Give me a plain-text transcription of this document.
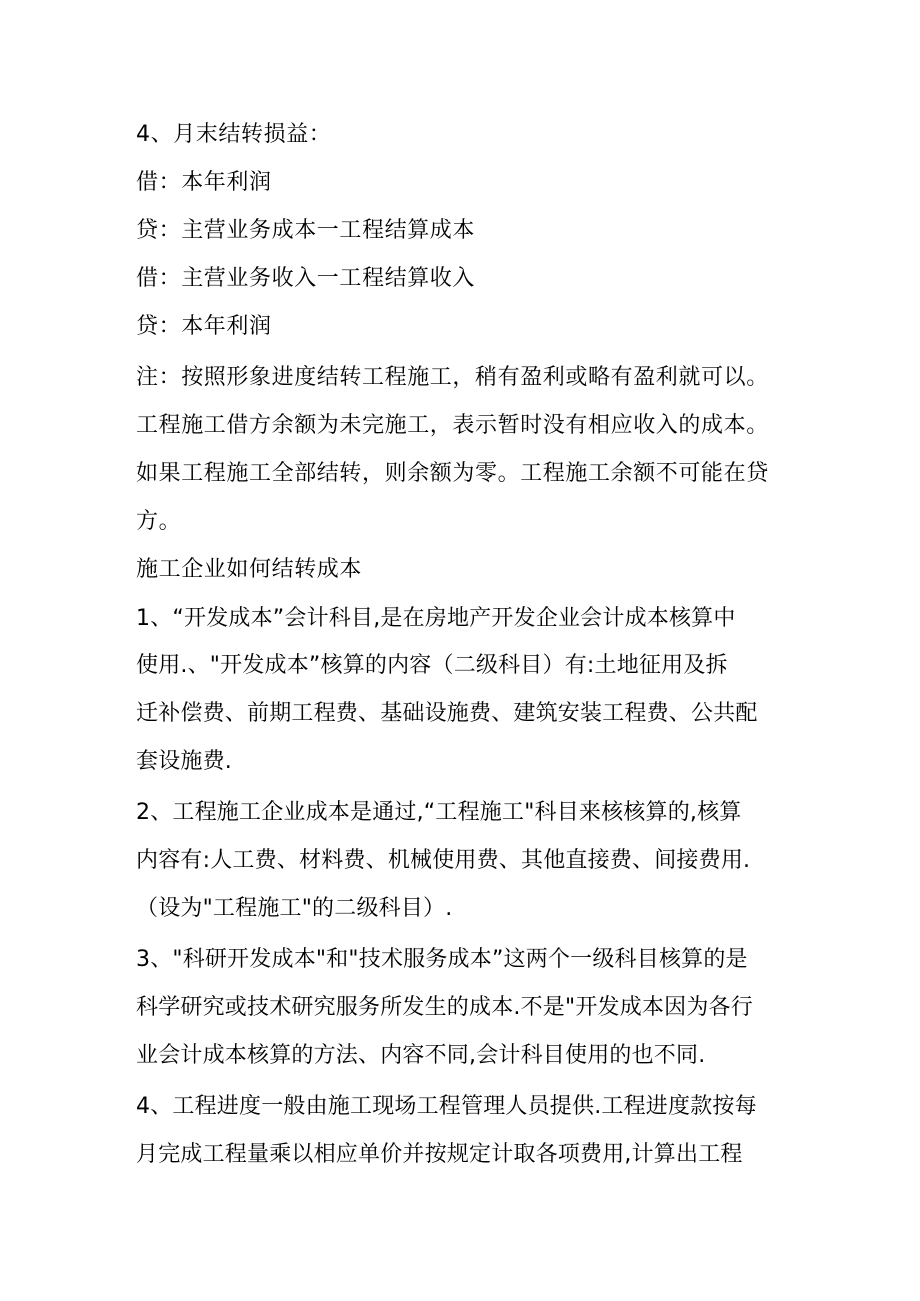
4、月末结转损益：
借：本年利润
贷：主营业务成本一工程结算成本
借：主营业务收入一工程结算收入
贷：本年利润
注：按照形象进度结转工程施工，稍有盈利或略有盈利就可以。
工程施工借方余额为未完施工，表示暂时没有相应收入的成本。
如果工程施工全部结转，则余额为零。工程施工余额不可能在贷
方。
施工企业如何结转成本
1、“开发成本”会计科目,是在房地产开发企业会计成本核算中
使用.、"开发成本”核算的内容（二级科目）有:土地征用及拆
迁补偿费、前期工程费、基础设施费、建筑安装工程费、公共配
套设施费.
2、工程施工企业成本是通过,“工程施工"科目来核核算的,核算
内容有:人工费、材料费、机械使用费、其他直接费、间接费用.
（设为"工程施工"的二级科目）.
3、"科研开发成本"和"技术服务成本”这两个一级科目核算的是
科学研究或技术研究服务所发生的成本.不是"开发成本因为各行
业会计成本核算的方法、内容不同,会计科目使用的也不同.
4、工程进度一般由施工现场工程管理人员提供.工程进度款按每
月完成工程量乘以相应单价并按规定计取各项费用,计算出工程
